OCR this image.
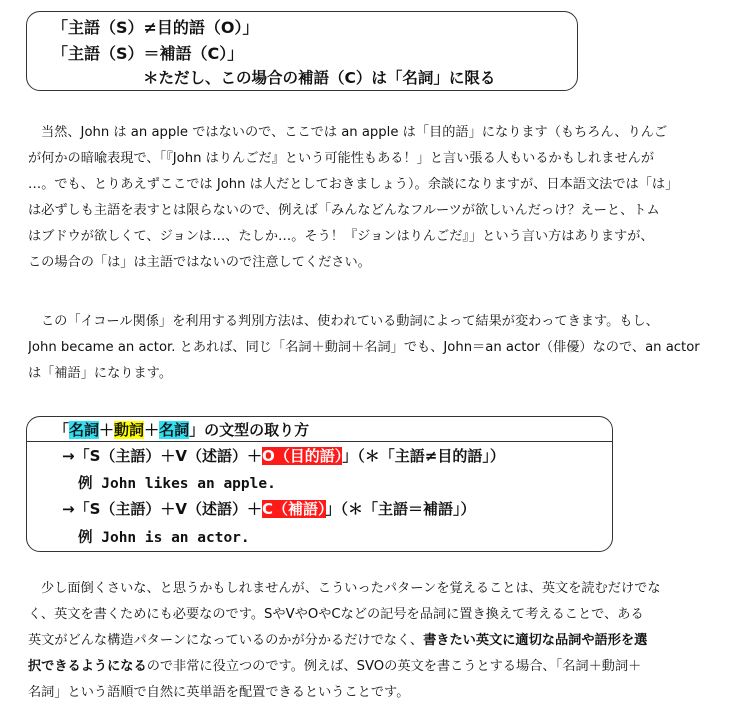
「主語（S）≠目的語（O）」
「主語（S）＝補語（C）」
＊ただし、この場合の補語（C）は「名詞」に限る
当然、John は an apple ではないので、ここでは an apple は「目的語」になります（もちろん、りんご
が何かの暗喩表現で、「『John はりんごだ』という可能性もある！」と言い張る人もいるかもしれませんが
…。でも、とりあえずここでは John は人だとしておきましょう）。余談になりますが、日本語文法では「は」
は必ずしも主語を表すとは限らないので、例えば「みんなどんなフルーツが欲しいんだっけ？えーと、トム
はブドウが欲しくて、ジョンは…、たしか…。そう！『ジョンはりんごだ』」という言い方はありますが、
この場合の「は」は主語ではないので注意してください。
この「イコール関係」を利用する判別方法は、使われている動詞によって結果が変わってきます。もし、
John became an actor. とあれば、同じ「名詞＋動詞＋名詞」でも、John＝an actor（俳優）なので、an actor
は「補語」になります。
「名詞＋動詞＋名詞」の文型の取り方
→「S（主語）＋V（述語）＋O（目的語）」（＊「主語≠目的語」）
例 John likes an apple.
→「S（主語）＋V（述語）＋C（補語）」（＊「主語＝補語」）
例 John is an actor.
少し面倒くさいな、と思うかもしれませんが、こういったパターンを覚えることは、英文を読むだけでな
く、英文を書くためにも必要なのです。SやVやOやCなどの記号を品詞に置き換えて考えることで、ある
英文がどんな構造パターンになっているのかが分かるだけでなく、書きたい英文に適切な品詞や語形を選
択できるようになるので非常に役立つのです。例えば、SVOの英文を書こうとする場合、「名詞＋動詞＋
名詞」という語順で自然に英単語を配置できるということです。
